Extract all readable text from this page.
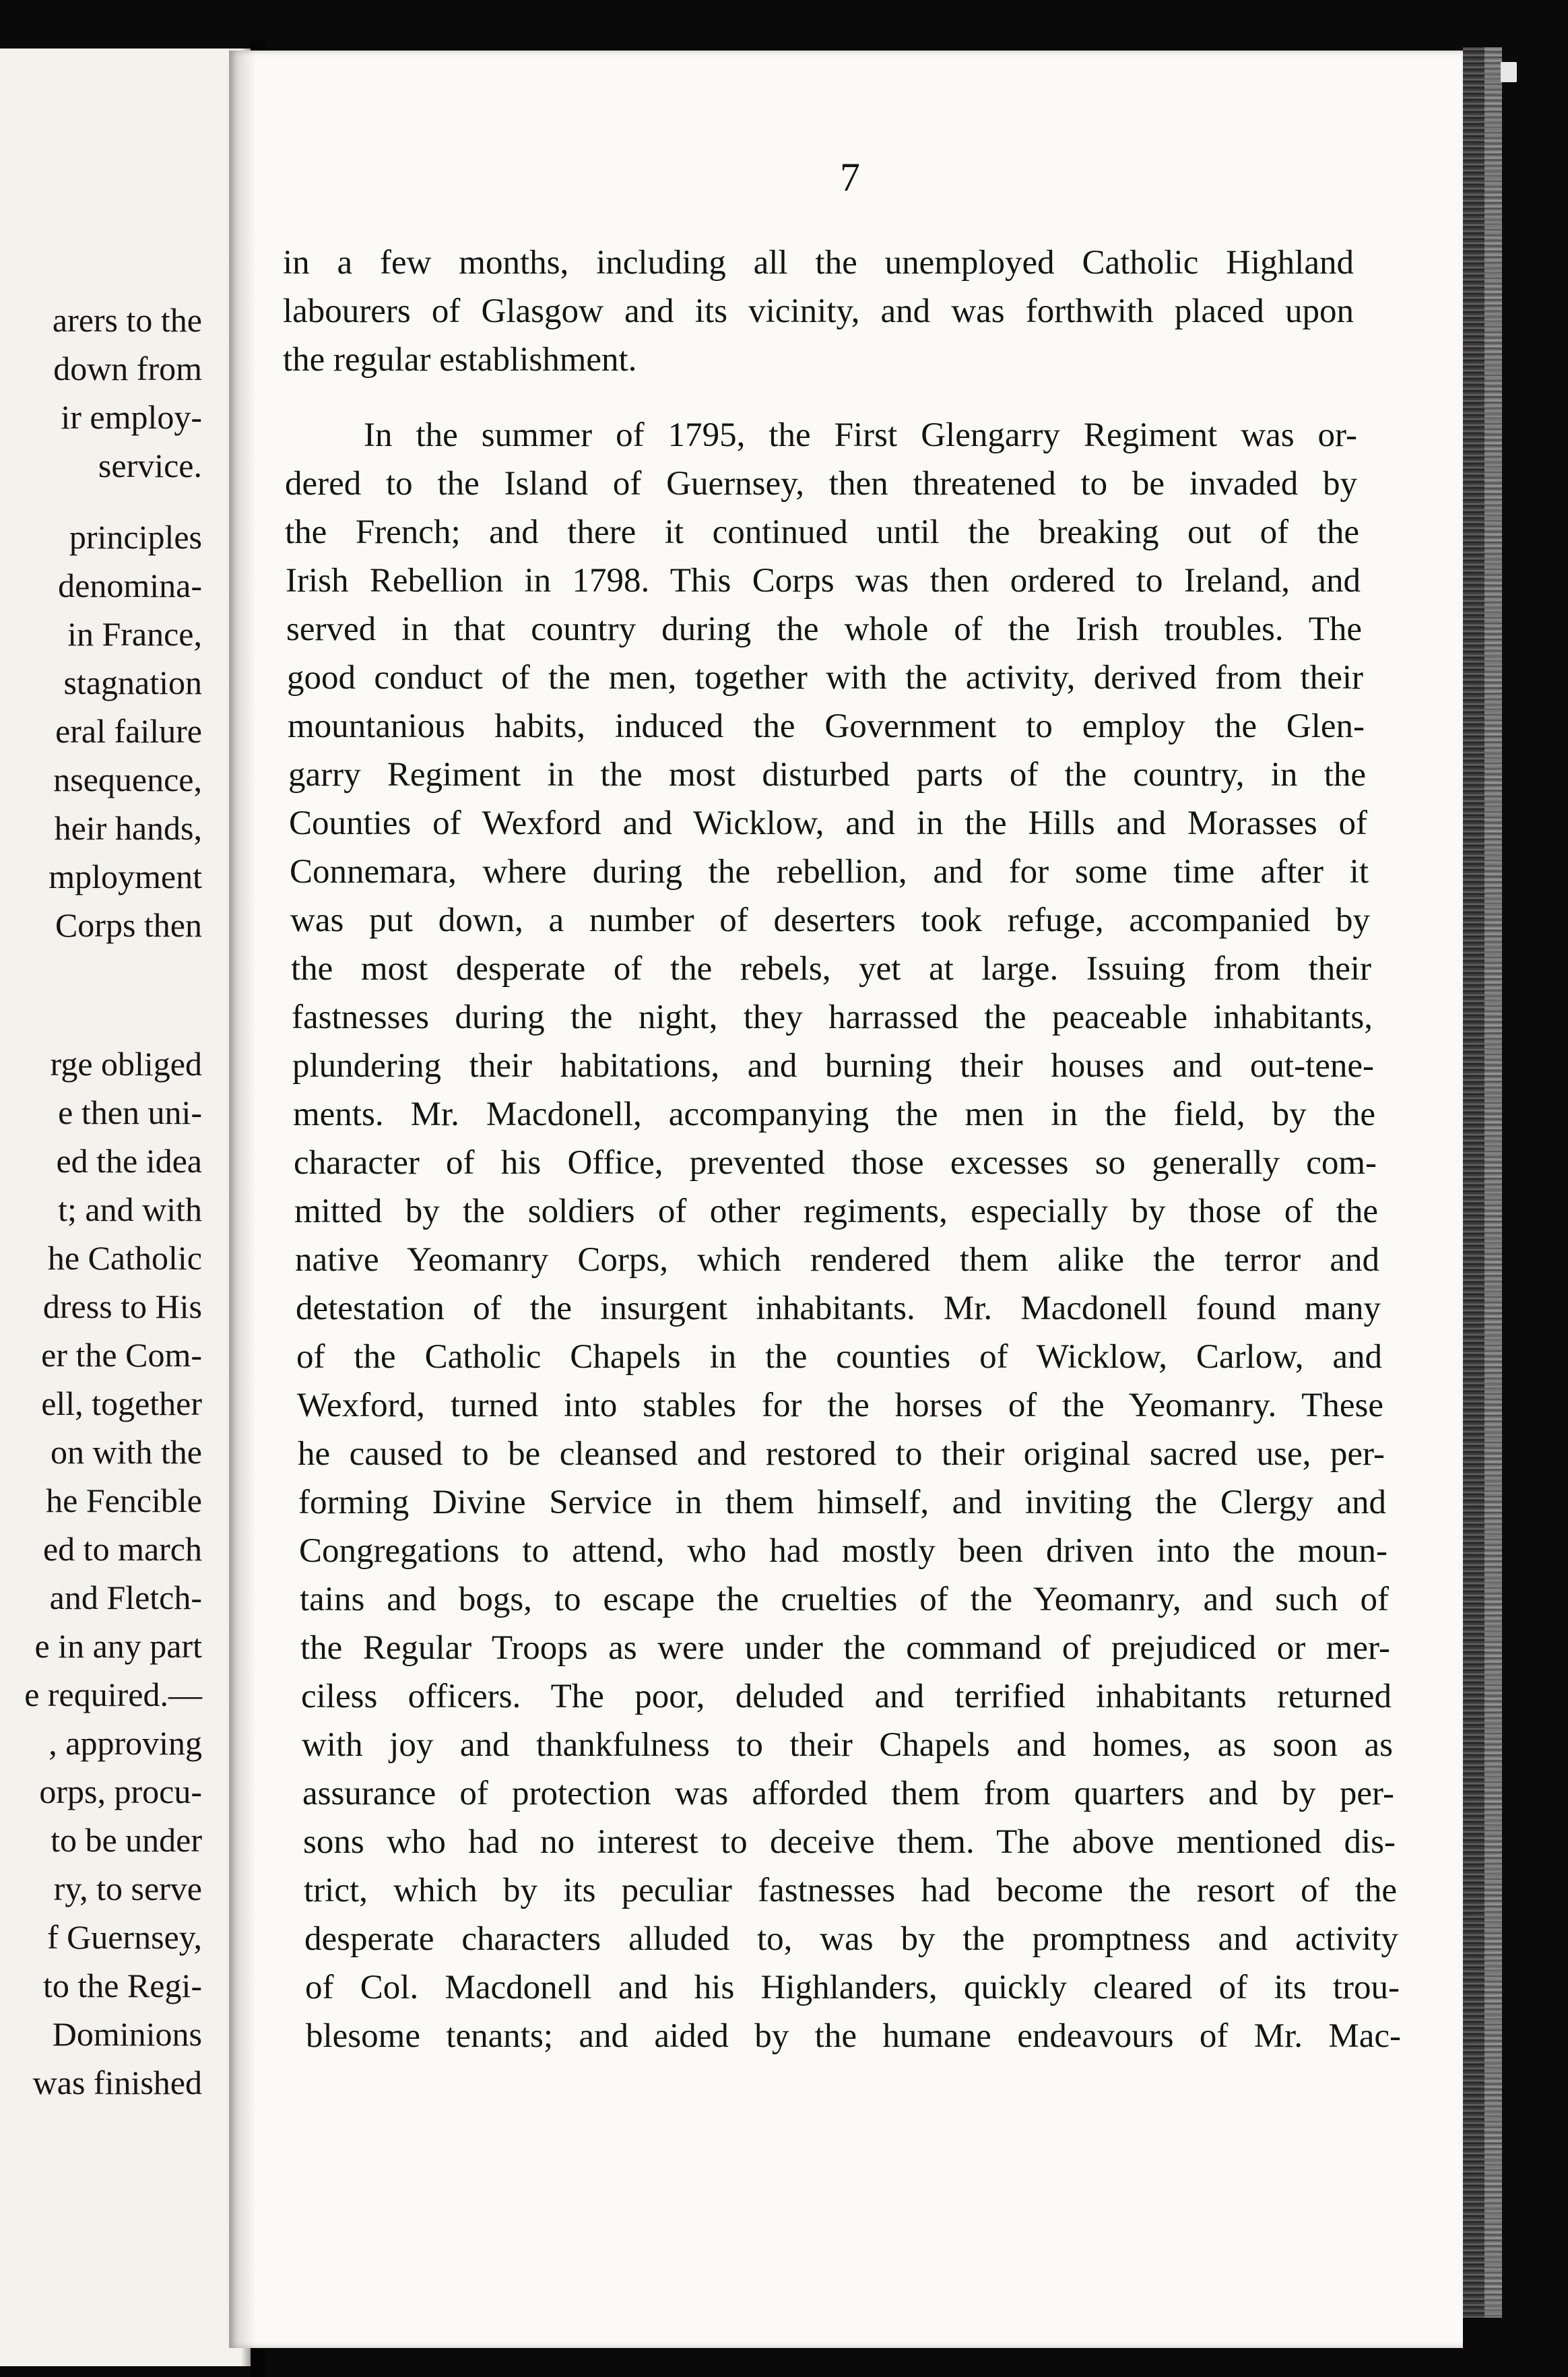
arers to the
down from
ir employ-
service.
principles
denomina-
in France,
stagnation
eral failure
nsequence,
heir hands,
mployment
Corps then
rge obliged
e then uni-
ed the idea
t; and with
he Catholic
dress to His
er the Com-
ell, together
on with the
he Fencible
ed to march
and Fletch-
e in any part
e required.—
, approving
orps, procu-
to be under
ry, to serve
f Guernsey,
to the Regi-
Dominions
was finished
7
in a few months, including all the unemployed Catholic Highland
labourers of Glasgow and its vicinity, and was forthwith placed upon
the regular establishment.
In the summer of 1795, the First Glengarry Regiment was or-
dered to the Island of Guernsey, then threatened to be invaded by
the French; and there it continued until the breaking out of the
Irish Rebellion in 1798. This Corps was then ordered to Ireland, and
served in that country during the whole of the Irish troubles. The
good conduct of the men, together with the activity, derived from their
mountanious habits, induced the Government to employ the Glen-
garry Regiment in the most disturbed parts of the country, in the
Counties of Wexford and Wicklow, and in the Hills and Morasses of
Connemara, where during the rebellion, and for some time after it
was put down, a number of deserters took refuge, accompanied by
the most desperate of the rebels, yet at large. Issuing from their
fastnesses during the night, they harrassed the peaceable inhabitants,
plundering their habitations, and burning their houses and out-tene-
ments. Mr. Macdonell, accompanying the men in the field, by the
character of his Office, prevented those excesses so generally com-
mitted by the soldiers of other regiments, especially by those of the
native Yeomanry Corps, which rendered them alike the terror and
detestation of the insurgent inhabitants. Mr. Macdonell found many
of the Catholic Chapels in the counties of Wicklow, Carlow, and
Wexford, turned into stables for the horses of the Yeomanry. These
he caused to be cleansed and restored to their original sacred use, per-
forming Divine Service in them himself, and inviting the Clergy and
Congregations to attend, who had mostly been driven into the moun-
tains and bogs, to escape the cruelties of the Yeomanry, and such of
the Regular Troops as were under the command of prejudiced or mer-
ciless officers. The poor, deluded and terrified inhabitants returned
with joy and thankfulness to their Chapels and homes, as soon as
assurance of protection was afforded them from quarters and by per-
sons who had no interest to deceive them. The above mentioned dis-
trict, which by its peculiar fastnesses had become the resort of the
desperate characters alluded to, was by the promptness and activity
of Col. Macdonell and his Highlanders, quickly cleared of its trou-
blesome tenants; and aided by the humane endeavours of Mr. Mac-
